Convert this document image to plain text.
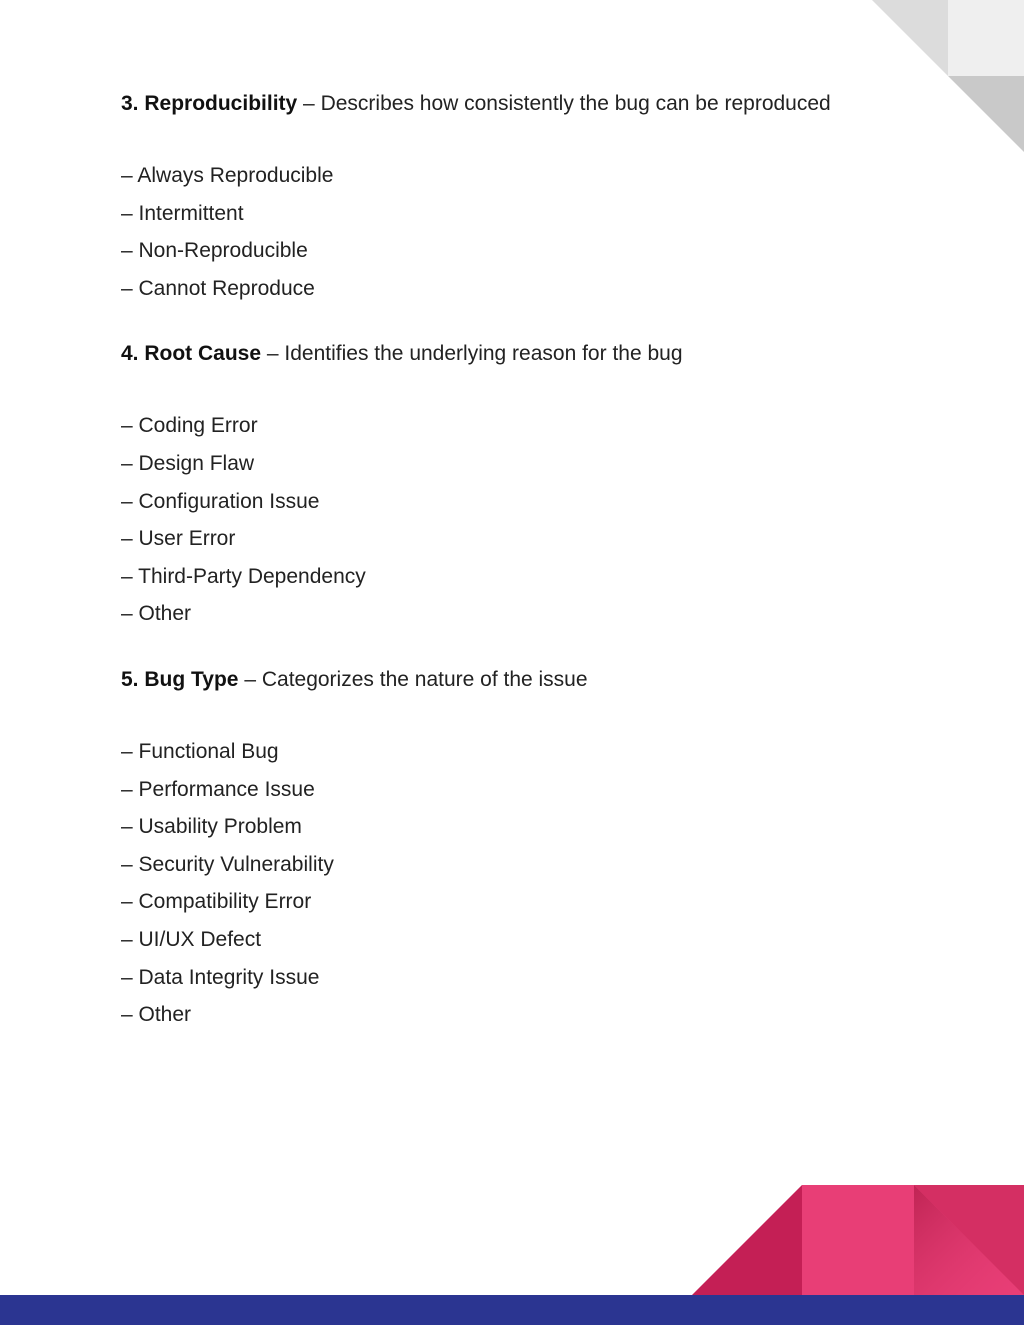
3. Reproducibility – Describes how consistently the bug can be reproduced
– Always Reproducible
– Intermittent
– Non-Reproducible
– Cannot Reproduce
4. Root Cause – Identifies the underlying reason for the bug
– Coding Error
– Design Flaw
– Configuration Issue
– User Error
– Third-Party Dependency
– Other
5. Bug Type – Categorizes the nature of the issue
– Functional Bug
– Performance Issue
– Usability Problem
– Security Vulnerability
– Compatibility Error
– UI/UX Defect
– Data Integrity Issue
– Other
